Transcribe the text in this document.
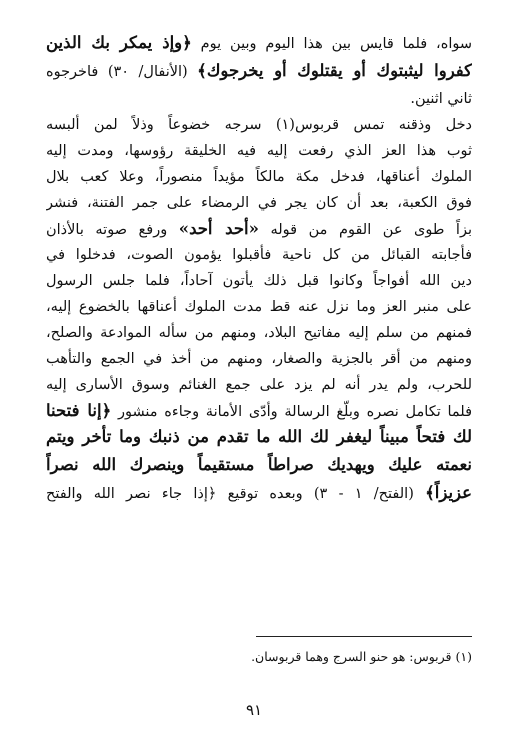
سواه، فلما قايس بين هذا اليوم وبين يوم ﴿وإذ يمكر بك الذين
كفروا ليثبتوك أو يقتلوك أو يخرجوك﴾ (الأنفال/ ٣٠) فاخرجوه
ثاني اثنين.
دخل وذقنه تمس قربوس(١) سرجه خضوعاً وذلاً لمن ألبسه
ثوب هذا العز الذي رفعت إليه فيه الخليقة رؤوسها، ومدت إليه
الملوك أعناقها، فدخل مكة مالكاً مؤيداً منصوراً، وعلا كعب بلال
فوق الكعبة، بعد أن كان يجر في الرمضاء على جمر الفتنة، فنشر
بزاً طوى عن القوم من قوله «أحد أحد» ورفع صوته بالأذان
فأجابته القبائل من كل ناحية فأقبلوا يؤمون الصوت، فدخلوا في
دين الله أفواجاً وكانوا قبل ذلك يأتون آحاداً، فلما جلس الرسول
على منبر العز وما نزل عنه قط مدت الملوك أعناقها بالخضوع إليه،
فمنهم من سلم إليه مفاتيح البلاد، ومنهم من سأله الموادعة والصلح،
ومنهم من أقر بالجزية والصغار، ومنهم من أخذ في الجمع والتأهب
للحرب، ولم يدر أنه لم يزد على جمع الغنائم وسوق الأسارى إليه
فلما تكامل نصره وبلّغ الرسالة وأدّى الأمانة وجاءه منشور ﴿إنا فتحنا
لك فتحاً مبيناً ليغفر لك الله ما تقدم من ذنبك وما تأخر ويتم
نعمته عليك ويهديك صراطاً مستقيماً وينصرك الله نصراً
عزيزاً﴾ (الفتح/ ١ - ٣) وبعده توقيع ﴿إذا جاء نصر الله والفتح
(١) قربوس: هو حنو السرج وهما قربوسان.
٩١
